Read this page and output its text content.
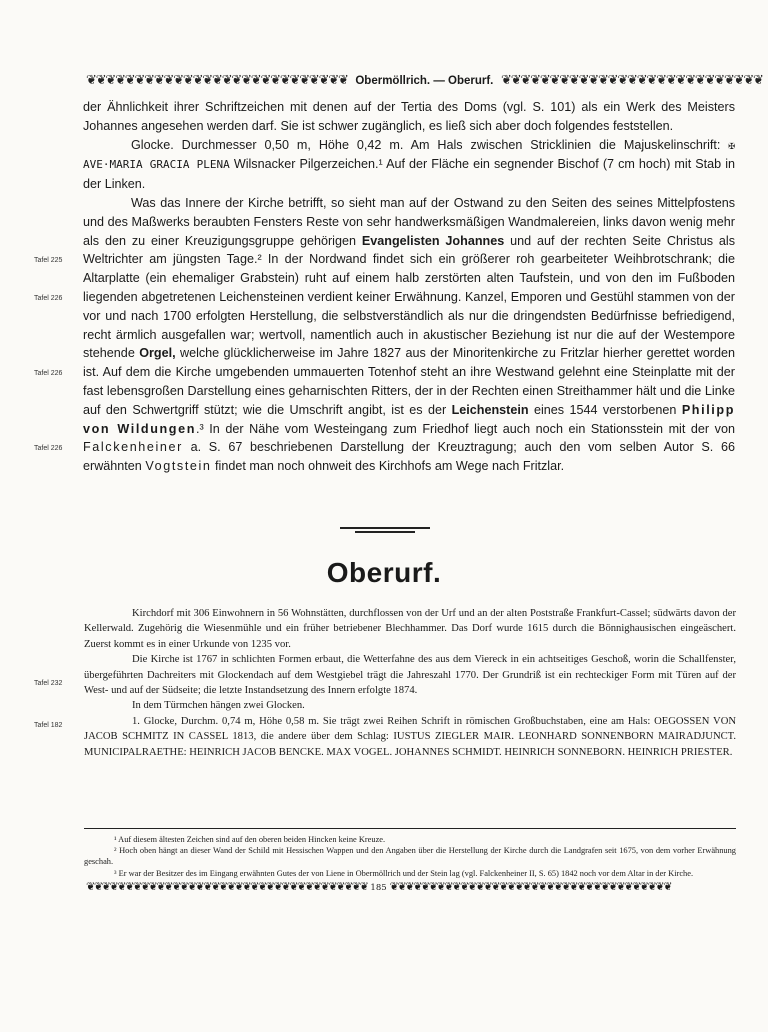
❦❦❦❦❦❦❦❦❦❦❦❦❦❦❦❦❦❦❦❦❦❦❦❦❦❦❦ Obermöllrich. — Oberurf. ❦❦❦❦❦❦❦❦❦❦❦❦❦❦❦❦❦❦❦❦❦❦❦❦❦❦❦
Tafel 225
Tafel 226
Tafel 226
Tafel 226
Tafel 232
Tafel 182

der Ähnlichkeit ihrer Schriftzeichen mit denen auf der Tertia des Doms (vgl. S. 101) als ein Werk des Meisters Johannes angesehen werden darf. Sie ist schwer zugänglich, es ließ sich aber doch folgendes feststellen.

Glocke. Durchmesser 0,50 m, Höhe 0,42 m. Am Hals zwischen Stricklinien die Majuskelinschrift: ✠ AVE·MARIA GRACIA PLENA Wilsnacker Pilgerzeichen.¹ Auf der Fläche ein segnender Bischof (7 cm hoch) mit Stab in der Linken.

Was das Innere der Kirche betrifft, so sieht man auf der Ostwand zu den Seiten des seines Mittelpfostens und des Maßwerks beraubten Fensters Reste von sehr handwerksmäßigen Wandmalereien, links davon wenig mehr als den zu einer Kreuzigungsgruppe gehörigen Evangelisten Johannes und auf der rechten Seite Christus als Weltrichter am jüngsten Tage.² In der Nordwand findet sich ein größerer roh gearbeiteter Weihbrotschrank; die Altarplatte (ein ehemaliger Grabstein) ruht auf einem halb zerstörten alten Taufstein, und von den im Fußboden liegenden abgetretenen Leichensteinen verdient keiner Erwähnung. Kanzel, Emporen und Gestühl stammen von der vor und nach 1700 erfolgten Herstellung, die selbstverständlich als nur die dringendsten Bedürfnisse befriedigend, recht ärmlich ausgefallen war; wertvoll, namentlich auch in akustischer Beziehung ist nur die auf der Westempore stehende Orgel, welche glücklicherweise im Jahre 1827 aus der Minoritenkirche zu Fritzlar hierher gerettet worden ist. Auf dem die Kirche umgebenden ummauerten Totenhof steht an ihre Westwand gelehnt eine Steinplatte mit der fast lebensgroßen Darstellung eines geharnischten Ritters, der in der Rechten einen Streithammer hält und die Linke auf den Schwertgriff stützt; wie die Umschrift angibt, ist es der Leichenstein eines 1544 verstorbenen Philipp von Wildungen.³ In der Nähe vom Westeingang zum Friedhof liegt auch noch ein Stationsstein mit der von Falckenheiner a. S. 67 beschriebenen Darstellung der Kreuztragung; auch den vom selben Autor S. 66 erwähnten Vogtstein findet man noch ohnweit des Kirchhofs am Wege nach Fritzlar.

Oberurf.

Kirchdorf mit 306 Einwohnern in 56 Wohnstätten, durchflossen von der Urf und an der alten Poststraße Frankfurt-Cassel; südwärts davon der Kellerwald. Zugehörig die Wiesenmühle und ein früher betriebener Blechhammer. Das Dorf wurde 1615 durch die Bönnighausischen eingeäschert. Zuerst kommt es in einer Urkunde von 1235 vor.

Die Kirche ist 1767 in schlichten Formen erbaut, die Wetterfahne des aus dem Viereck in ein achtseitiges Geschoß, worin die Schallfenster, übergeführten Dachreiters mit Glockendach auf dem Westgiebel trägt die Jahreszahl 1770. Der Grundriß ist ein rechteckiger Form mit Türen auf der West- und auf der Südseite; die letzte Instandsetzung des Innern erfolgte 1874.

In dem Türmchen hängen zwei Glocken.

1. Glocke, Durchm. 0,74 m, Höhe 0,58 m. Sie trägt zwei Reihen Schrift in römischen Großbuchstaben, eine am Hals: OEGOSSEN VON JACOB SCHMITZ IN CASSEL 1813, die andere über dem Schlag: IUSTUS ZIEGLER MAIR. LEONHARD SONNENBORN MAIRADJUNCT. MUNICIPALRAETHE: HEINRICH JACOB BENCKE. MAX VOGEL. JOHANNES SCHMIDT. HEINRICH SONNEBORN. HEINRICH PRIESTER.

¹ Auf diesem ältesten Zeichen sind auf den oberen beiden Hincken keine Kreuze.

² Hoch oben hängt an dieser Wand der Schild mit Hessischen Wappen und den Angaben über die Herstellung der Kirche durch die Landgrafen seit 1675, von dem vorher Erwähnung geschah.

³ Er war der Besitzer des im Eingang erwähnten Gutes der von Liene in Obermöllrich und der Stein lag (vgl. Falckenheiner II, S. 65) 1842 noch vor dem Altar in der Kirche.

❦❦❦❦❦❦❦❦❦❦❦❦❦❦❦❦❦❦❦❦❦❦❦❦❦❦❦❦❦❦❦❦❦❦❦❦ 185 ❦❦❦❦❦❦❦❦❦❦❦❦❦❦❦❦❦❦❦❦❦❦❦❦❦❦❦❦❦❦❦❦❦❦❦❦
